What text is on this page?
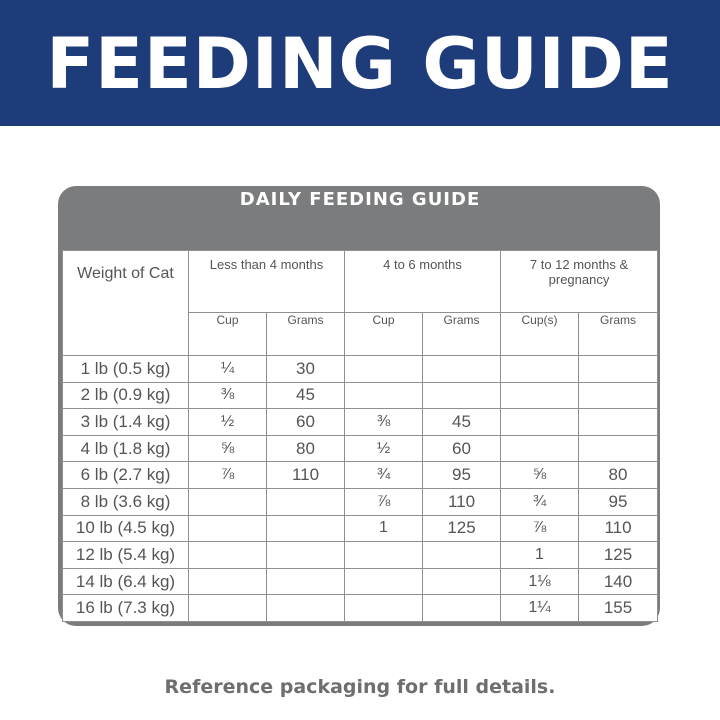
FEEDING GUIDE
DAILY FEEDING GUIDE
Weight of Cat	Less than 4 months		4 to 6 months		7 to 12 months & pregnancy	
	Cup	Grams	Cup	Grams	Cup(s)	Grams
1 lb (0.5 kg)	¼	30				
2 lb (0.9 kg)	⅜	45				
3 lb (1.4 kg)	½	60	⅜	45		
4 lb (1.8 kg)	⅝	80	½	60		
6 lb (2.7 kg)	⅞	110	¾	95	⅝	80
8 lb (3.6 kg)			⅞	110	¾	95
10 lb (4.5 kg)			1	125	⅞	110
12 lb (5.4 kg)					1	125
14 lb (6.4 kg)					1⅛	140
16 lb (7.3 kg)					1¼	155
Reference packaging for full details.
